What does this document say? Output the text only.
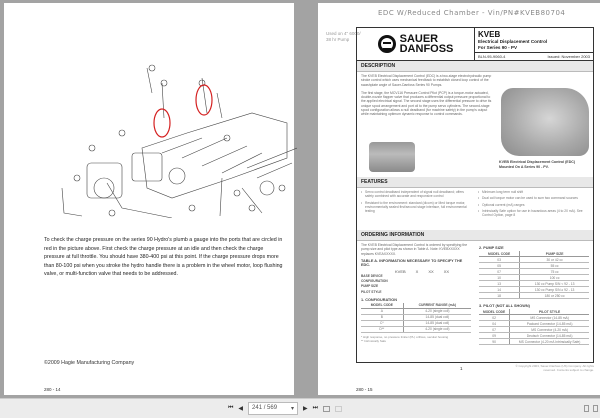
To check the charge pressure on the series 90 Hydro's plumb a gauge into the ports that are circled in red in the picture above. First check the charge pressure at an idle and then check the charge pressure at full throttle. You should have 380-400 psi at this point. If the charge pressure drops more than 80-100 psi when you stroke the hydro handle there is a problem in the wheel motor, loop flushing valve, or multi-function valve that needs to be addressed.
©2009 Hagie Manufacturing Company
280 - 14
EDC W/Reduced Chamber - Vin/PN#KVEB80704
Used on 4" 6000/ 38 hr Pump	SAUER
DANFOSS
KVEB
Electrical Displacement Control
For Series 90 - PV
BLN-95-9060-4	Issued: November 2003
DESCRIPTION
The KVEB Electrical Displacement Control (EDC) is a two-stage electrohydraulic pump stroke control which uses mechanical feedback to establish closed loop control of the swashplate angle of Sauer-Danfoss Series 90 Pumps.
The first stage, the MCV116 Pressure Control Pilot (PCP) is a torque-motor actuated, double-nozzle flapper valve that produces a differential output pressure proportional to the applied electrical signal. The second stage uses the differential pressure to drive its unique spool arrangement and port oil to the pump servo cylinders. The second-stage spool configuration allows a null deadband (for machine safety) in the pump's output while maintaining optimum dynamic response to control commands.
KVEB Electrical Displacement Control (EDC) Mounted On A Series 90 - PV.
FEATURES
• Servo control deadband independent of signal null deadband; offers safety combined with accurate and responsive control
• Resistant to the environment: standard (dicorn) or Med torque motor, environmentally sealed first/second stage interface, full environmental testing
• Minimum long term null shift
• Dual coil torque motor can be used to sum two command sources
• Optional current (mA) ranges
• Intrinsically Safe option for use in hazardous areas (4 to 20 mA). See Control Option, page 8
ORDERING INFORMATION
The KVEB Electrical Displacement Control is ordered by specifying the pump size and pilot type as shown in Table A. Note: KVEBXXXXX replaces KVEAXXXXX.
TABLE A. INFORMATION NECESSARY TO SPECIFY THE EDC.
KVEB	X	XX	XX
BASE DEVICE
CONFIGURATION
PUMP SIZE
PILOT STYLE
1. CONFIGURATION
MODEL CODE	CURRENT RANGE (mA)
A	4-20 (single coil)
B	14-85 (dual coil)
C*	14-85 (dual coil)
D**	4-20 (single coil)
* High response, no pressure limiter (PL) orifices, secular housing
** Intrinsically Safe
2. PUMP SIZE
MODEL CODE	PUMP SIZE
03	30 or 42 cc
05	55 cc
07	75 cc
10	100 cc
13	130 cc Pump S/N < 92 - 13
14	130 cc Pump S/N ≥ 92 - 13
18	180 or 250 cc
3. PILOT (NOT ALL SHOWN)
MODEL CODE	PILOT STYLE
02	MS Connector (14-85 mA)
04	Packard Connector (14-85 mA)
07	MS Connector (4-20 mA)
09	Deutsch Connector (14-85 mA)
90	MS Connector (4-20 mA Intrinsically Safe)
1	© Copyright 2003, Sauer-Danfoss (US) Company. All rights reserved. Contents subject to change.
280 - 15
⏮ ◀ 241 / 569 ▾ ▶ ⏭
